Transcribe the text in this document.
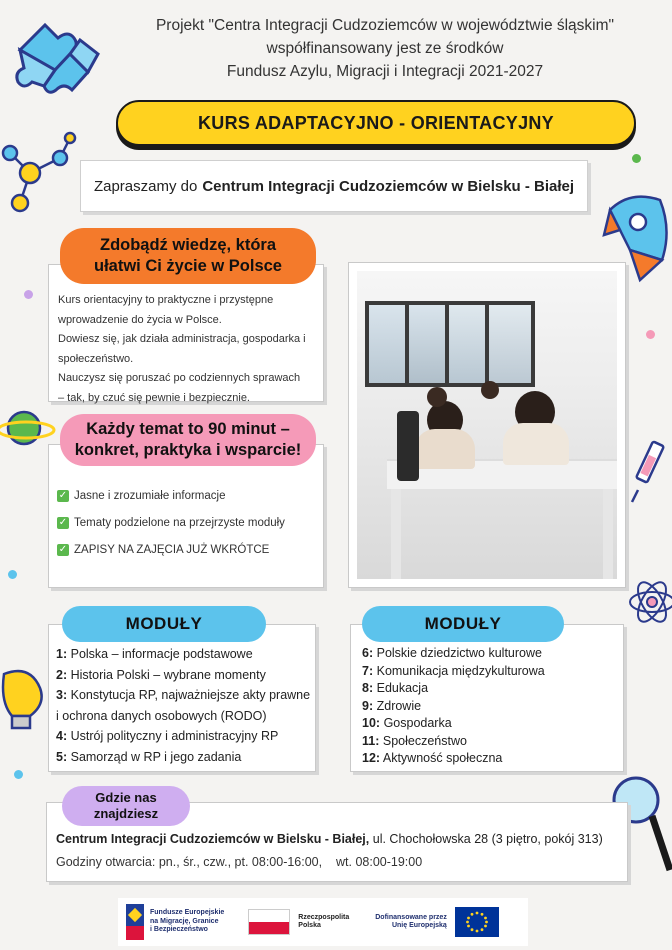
Projekt "Centra Integracji Cudzoziemców w województwie śląskim"
współfinansowany jest ze środków
Fundusz Azylu, Migracji i Integracji 2021-2027
KURS ADAPTACYJNO - ORIENTACYJNY
Zapraszamy do Centrum Integracji Cudzoziemców w Bielsku - Białej
Kurs orientacyjny to praktyczne i przystępne
wprowadzenie do życia w Polsce.
Dowiesz się, jak działa administracja, gospodarka i
społeczeństwo.
Nauczysz się poruszać po codziennych sprawach
– tak, by czuć się pewnie i bezpiecznie.
Zdobądź wiedzę, która
ułatwi Ci życie w Polsce
✓ Jasne i zrozumiałe informacje
✓ Tematy podzielone na przejrzyste moduły
✓ ZAPISY NA ZAJĘCIA JUŻ WKRÓTCE
Każdy temat to 90 minut –
konkret, praktyka i wsparcie!
1: Polska – informacje podstawowe
2: Historia Polski – wybrane momenty
3: Konstytucja RP, najważniejsze akty prawne
i ochrona danych osobowych (RODO)
4: Ustrój polityczny i administracyjny RP
5: Samorząd w RP i jego zadania
MODUŁY
6: Polskie dziedzictwo kulturowe
7: Komunikacja międzykulturowa
8: Edukacja
9: Zdrowie
10: Gospodarka
11: Społeczeństwo
12: Aktywność społeczna
MODUŁY
Gdzie nas
znajdziesz
Centrum Integracji Cudzoziemców w Bielsku - Białej, ul. Chochołowska 28 (3 piętro, pokój 313)
Godziny otwarcia: pn., śr., czw., pt. 08:00-16:00,    wt. 08:00-19:00
Fundusze Europejskie
na Migrację, Granice
i Bezpieczeństwo
Rzeczpospolita
Polska
Dofinansowane przez
Unię Europejską
